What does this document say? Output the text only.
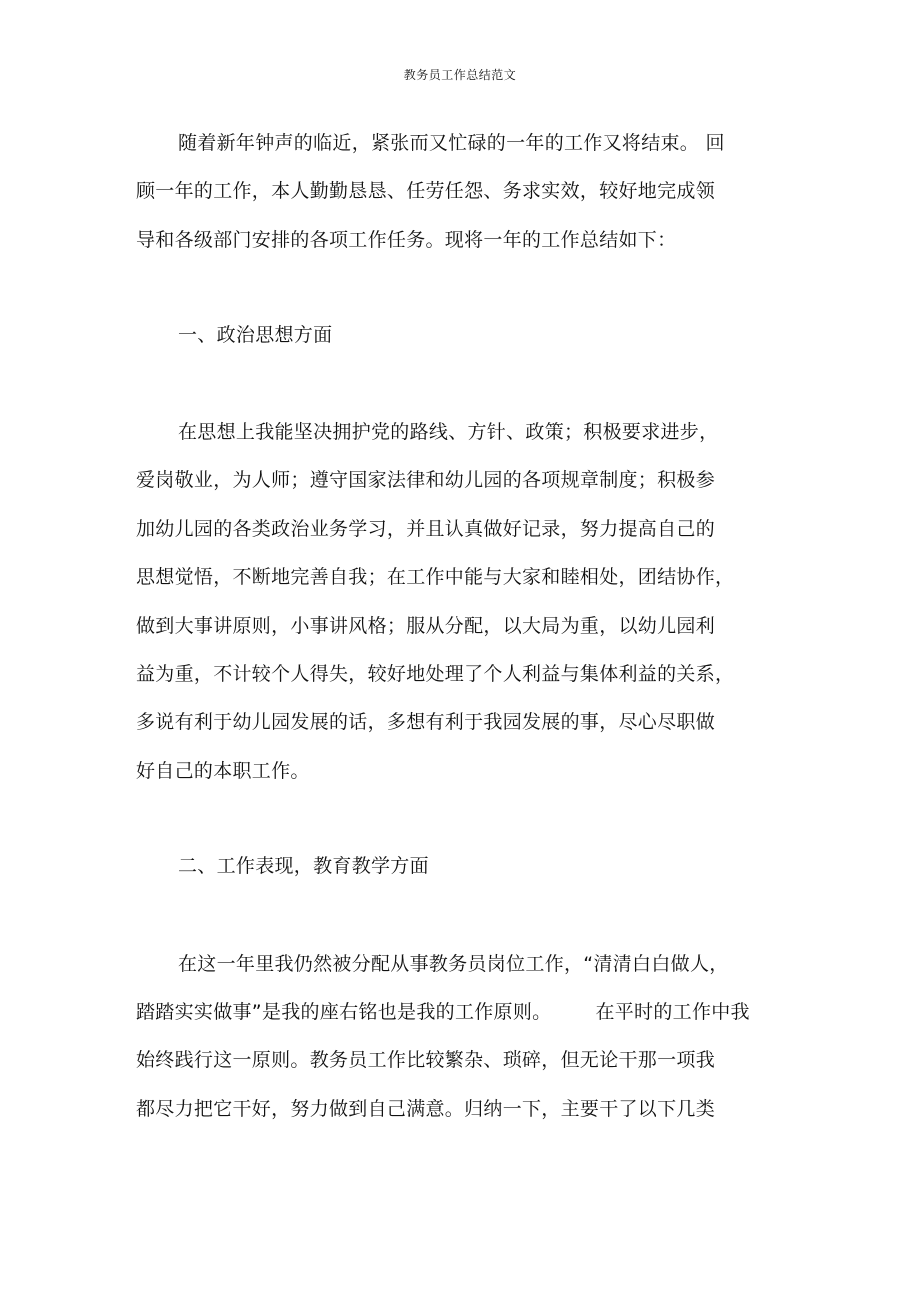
教务员工作总结范文
随着新年钟声的临近，紧张而又忙碌的一年的工作又将结束。 回
顾一年的工作，本人勤勤恳恳、任劳任怨、务求实效，较好地完成领
导和各级部门安排的各项工作任务。现将一年的工作总结如下：
一、政治思想方面
在思想上我能坚决拥护党的路线、方针、政策；积极要求进步，
爱岗敬业，为人师；遵守国家法律和幼儿园的各项规章制度；积极参
加幼儿园的各类政治业务学习，并且认真做好记录，努力提高自己的
思想觉悟，不断地完善自我；在工作中能与大家和睦相处，团结协作，
做到大事讲原则，小事讲风格；服从分配，以大局为重，以幼儿园利
益为重，不计较个人得失，较好地处理了个人利益与集体利益的关系，
多说有利于幼儿园发展的话，多想有利于我园发展的事，尽心尽职做
好自己的本职工作。
二、工作表现，教育教学方面
在这一年里我仍然被分配从事教务员岗位工作，“清清白白做人，
踏踏实实做事”是我的座右铭也是我的工作原则。 在平时的工作中我
始终践行这一原则。教务员工作比较繁杂、琐碎，但无论干那一项我
都尽力把它干好，努力做到自己满意。归纳一下，主要干了以下几类
